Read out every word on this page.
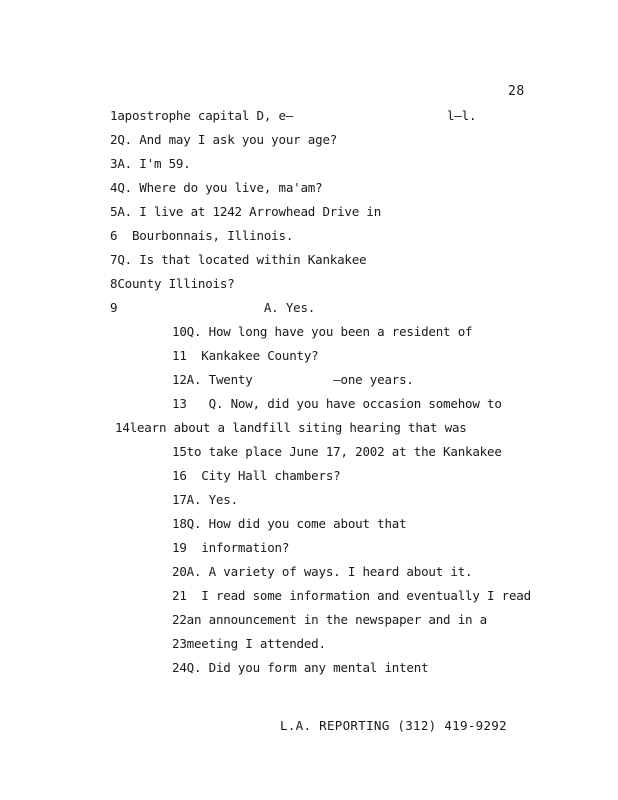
28
1apostrophe capital D, e—                     l—l.
2Q. And may I ask you your age?
3A. I'm 59.
4Q. Where do you live, ma'am?
5A. I live at 1242 Arrowhead Drive in
6  Bourbonnais, Illinois.
7Q. Is that located within Kankakee
8County Illinois?
9                    A. Yes.
10Q. How long have you been a resident of
11  Kankakee County?
12A. Twenty           —one years.
13   Q. Now, did you have occasion somehow to
14learn about a landfill siting hearing that was
15to take place June 17, 2002 at the Kankakee
16  City Hall chambers?
17A. Yes.
18Q. How did you come about that
19  information?
20A. A variety of ways. I heard about it.
21  I read some information and eventually I read
22an announcement in the newspaper and in a
23meeting I attended.
24Q. Did you form any mental intent
L.A. REPORTING (312) 419-9292
